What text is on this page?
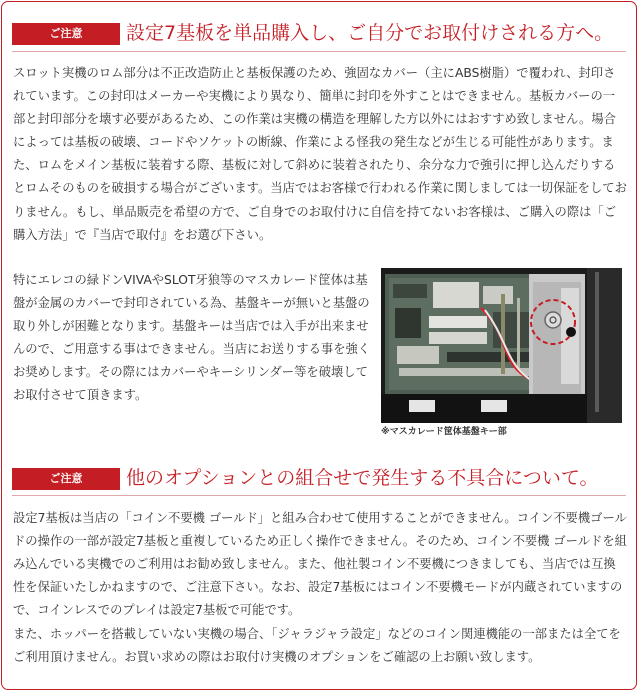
ご注意	設定7基板を単品購入し、ご自分でお取付けされる方へ。

スロット実機のロム部分は不正改造防止と基板保護のため、強固なカバー（主にABS樹脂）で覆われ、封印されています。この封印はメーカーや実機により異なり、簡単に封印を外すことはできません。基板カバーの一部と封印部分を壊す必要があるため、この作業は実機の構造を理解した方以外にはおすすめ致しません。場合によっては基板の破壊、コードやソケットの断線、作業による怪我の発生などが生じる可能性があります。また、ロムをメイン基板に装着する際、基板に対して斜めに装着されたり、余分な力で強引に押し込んだりするとロムそのものを破損する場合がございます。当店ではお客様で行われる作業に関しましては一切保証をしておりません。もし、単品販売を希望の方で、ご自身でのお取付けに自信を持てないお客様は、ご購入の際は「ご購入方法」で『当店で取付』をお選び下さい。

特にエレコの緑ドンVIVAやSLOT牙狼等のマスカレード筐体は基盤が金属のカバーで封印されている為、基盤キーが無いと基盤の取り外しが困難となります。基盤キーは当店では入手が出来ませんので、ご用意する事はできません。当店にお送りする事を強くお奨めします。その際にはカバーやキーシリンダー等を破壊してお取付させて頂きます。

※マスカレード筐体基盤キー部
ご注意	他のオプションとの組合せで発生する不具合について。

設定7基板は当店の「コイン不要機 ゴールド」と組み合わせて使用することができません。コイン不要機ゴールドの操作の一部が設定7基板と重複しているため正しく操作できません。そのため、コイン不要機 ゴールドを組み込んでいる実機でのご利用はお勧め致しません。また、他社製コイン不要機につきましても、当店では互換性を保証いたしかねますので、ご注意下さい。なお、設定7基板にはコイン不要機モードが内蔵されていますので、コインレスでのプレイは設定7基板で可能です。

また、ホッパーを搭載していない実機の場合、「ジャラジャラ設定」などのコイン関連機能の一部または全てをご利用頂けません。お買い求めの際はお取付け実機のオプションをご確認の上お願い致します。
